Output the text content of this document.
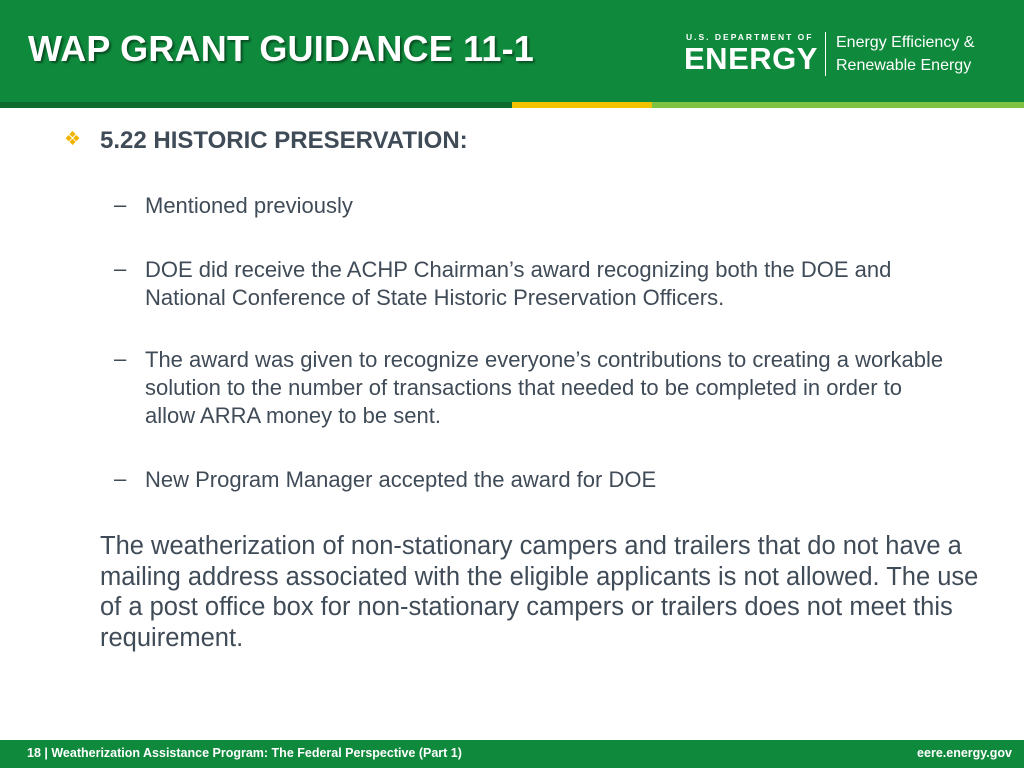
WAP GRANT GUIDANCE 11-1	U.S. DEPARTMENT OF
ENERGY Energy Efficiency &
Renewable Energy
❖ 5.22 HISTORIC PRESERVATION:
– Mentioned previously
– DOE did receive the ACHP Chairman’s award recognizing both the DOE and National Conference of State Historic Preservation Officers.
– The award was given to recognize everyone’s contributions to creating a workable solution to the number of transactions that needed to be completed in order to allow ARRA money to be sent.
– New Program Manager accepted the award for DOE
The weatherization of non-stationary campers and trailers that do not have a mailing address associated with the eligible applicants is not allowed. The use of a post office box for non-stationary campers or trailers does not meet this requirement.
18 | Weatherization Assistance Program: The Federal Perspective (Part 1)	eere.energy.gov
